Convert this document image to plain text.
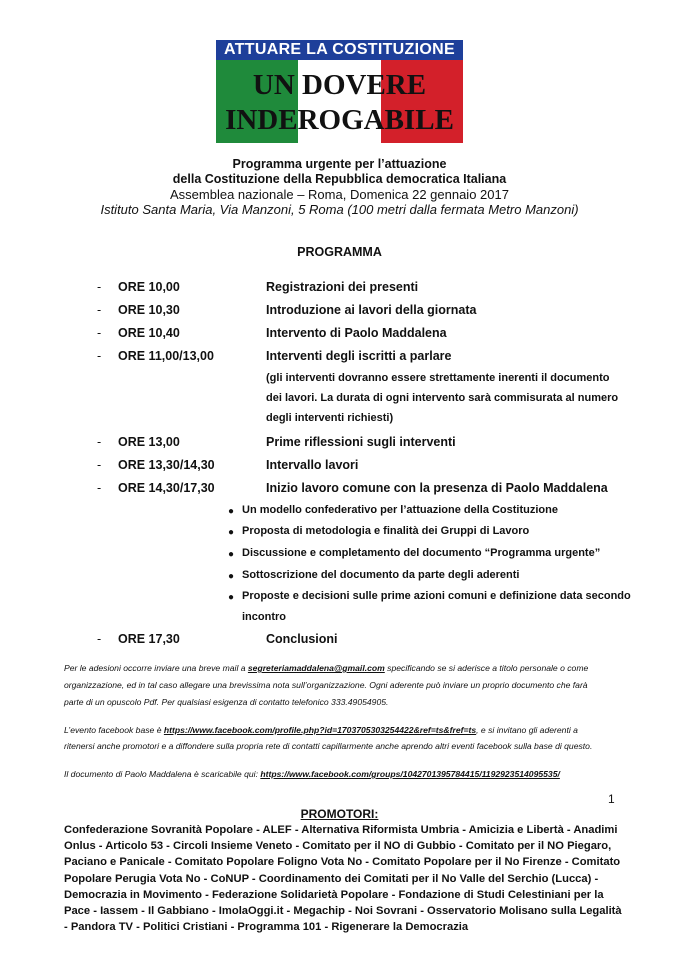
ATTUARE LA COSTITUZIONE
UN DOVERE
INDEROGABILE
Programma urgente per l’attuazione
della Costituzione della Repubblica democratica Italiana
Assemblea nazionale – Roma, Domenica 22 gennaio 2017
Istituto Santa Maria, Via Manzoni, 5 Roma (100 metri dalla fermata Metro Manzoni)
PROGRAMMA
- ORE 10,00	Registrazioni dei presenti
- ORE 10,30	Introduzione ai lavori della giornata
- ORE 10,40	Intervento di Paolo Maddalena
- ORE 11,00/13,00	Interventi degli iscritti a parlare
(gli interventi dovranno essere strettamente inerenti il documento
dei lavori. La durata di ogni intervento sarà commisurata al numero
degli interventi richiesti)
- ORE 13,00	Prime riflessioni sugli interventi
- ORE 13,30/14,30	Intervallo lavori
- ORE 14,30/17,30	Inizio lavoro comune con la presenza di Paolo Maddalena
● Un modello confederativo per l’attuazione della Costituzione
● Proposta di metodologia e finalità dei Gruppi di Lavoro
● Discussione e completamento del documento “Programma urgente”
● Sottoscrizione del documento da parte degli aderenti
● Proposte e decisioni sulle prime azioni comuni e definizione data secondo
incontro
- ORE 17,30	Conclusioni
Per le adesioni occorre inviare una breve mail a segreteriamaddalena@gmail.com specificando se si aderisce a titolo personale o come
organizzazione, ed in tal caso allegare una brevissima nota sull’organizzazione. Ogni aderente può inviare un proprio documento che farà
parte di un opuscolo Pdf. Per qualsiasi esigenza di contatto telefonico 333.49054905.
L’evento facebook base è https://www.facebook.com/profile.php?id=1703705303254422&ref=ts&fref=ts, e si invitano gli aderenti a
ritenersi anche promotori e a diffondere sulla propria rete di contatti capillarmente anche aprendo altri eventi facebook sulla base di questo.
Il documento di Paolo Maddalena è scaricabile qui: https://www.facebook.com/groups/1042701395784415/1192923514095535/
1
PROMOTORI:
Confederazione Sovranità Popolare - ALEF - Alternativa Riformista Umbria - Amicizia e Libertà - Anadimi Onlus - Articolo 53 - Circoli Insieme Veneto - Comitato per il NO di Gubbio - Comitato per il NO Piegaro, Paciano e Panicale - Comitato Popolare Foligno Vota No - Comitato Popolare per il No Firenze - Comitato Popolare Perugia Vota No - CoNUP - Coordinamento dei Comitati per il No Valle del Serchio (Lucca) - Democrazia in Movimento - Federazione Solidarietà Popolare - Fondazione di Studi Celestiniani per la Pace - Iassem - Il Gabbiano - ImolaOggi.it - Megachip - Noi Sovrani - Osservatorio Molisano sulla Legalità - Pandora TV - Politici Cristiani - Programma 101 - Rigenerare la Democrazia
